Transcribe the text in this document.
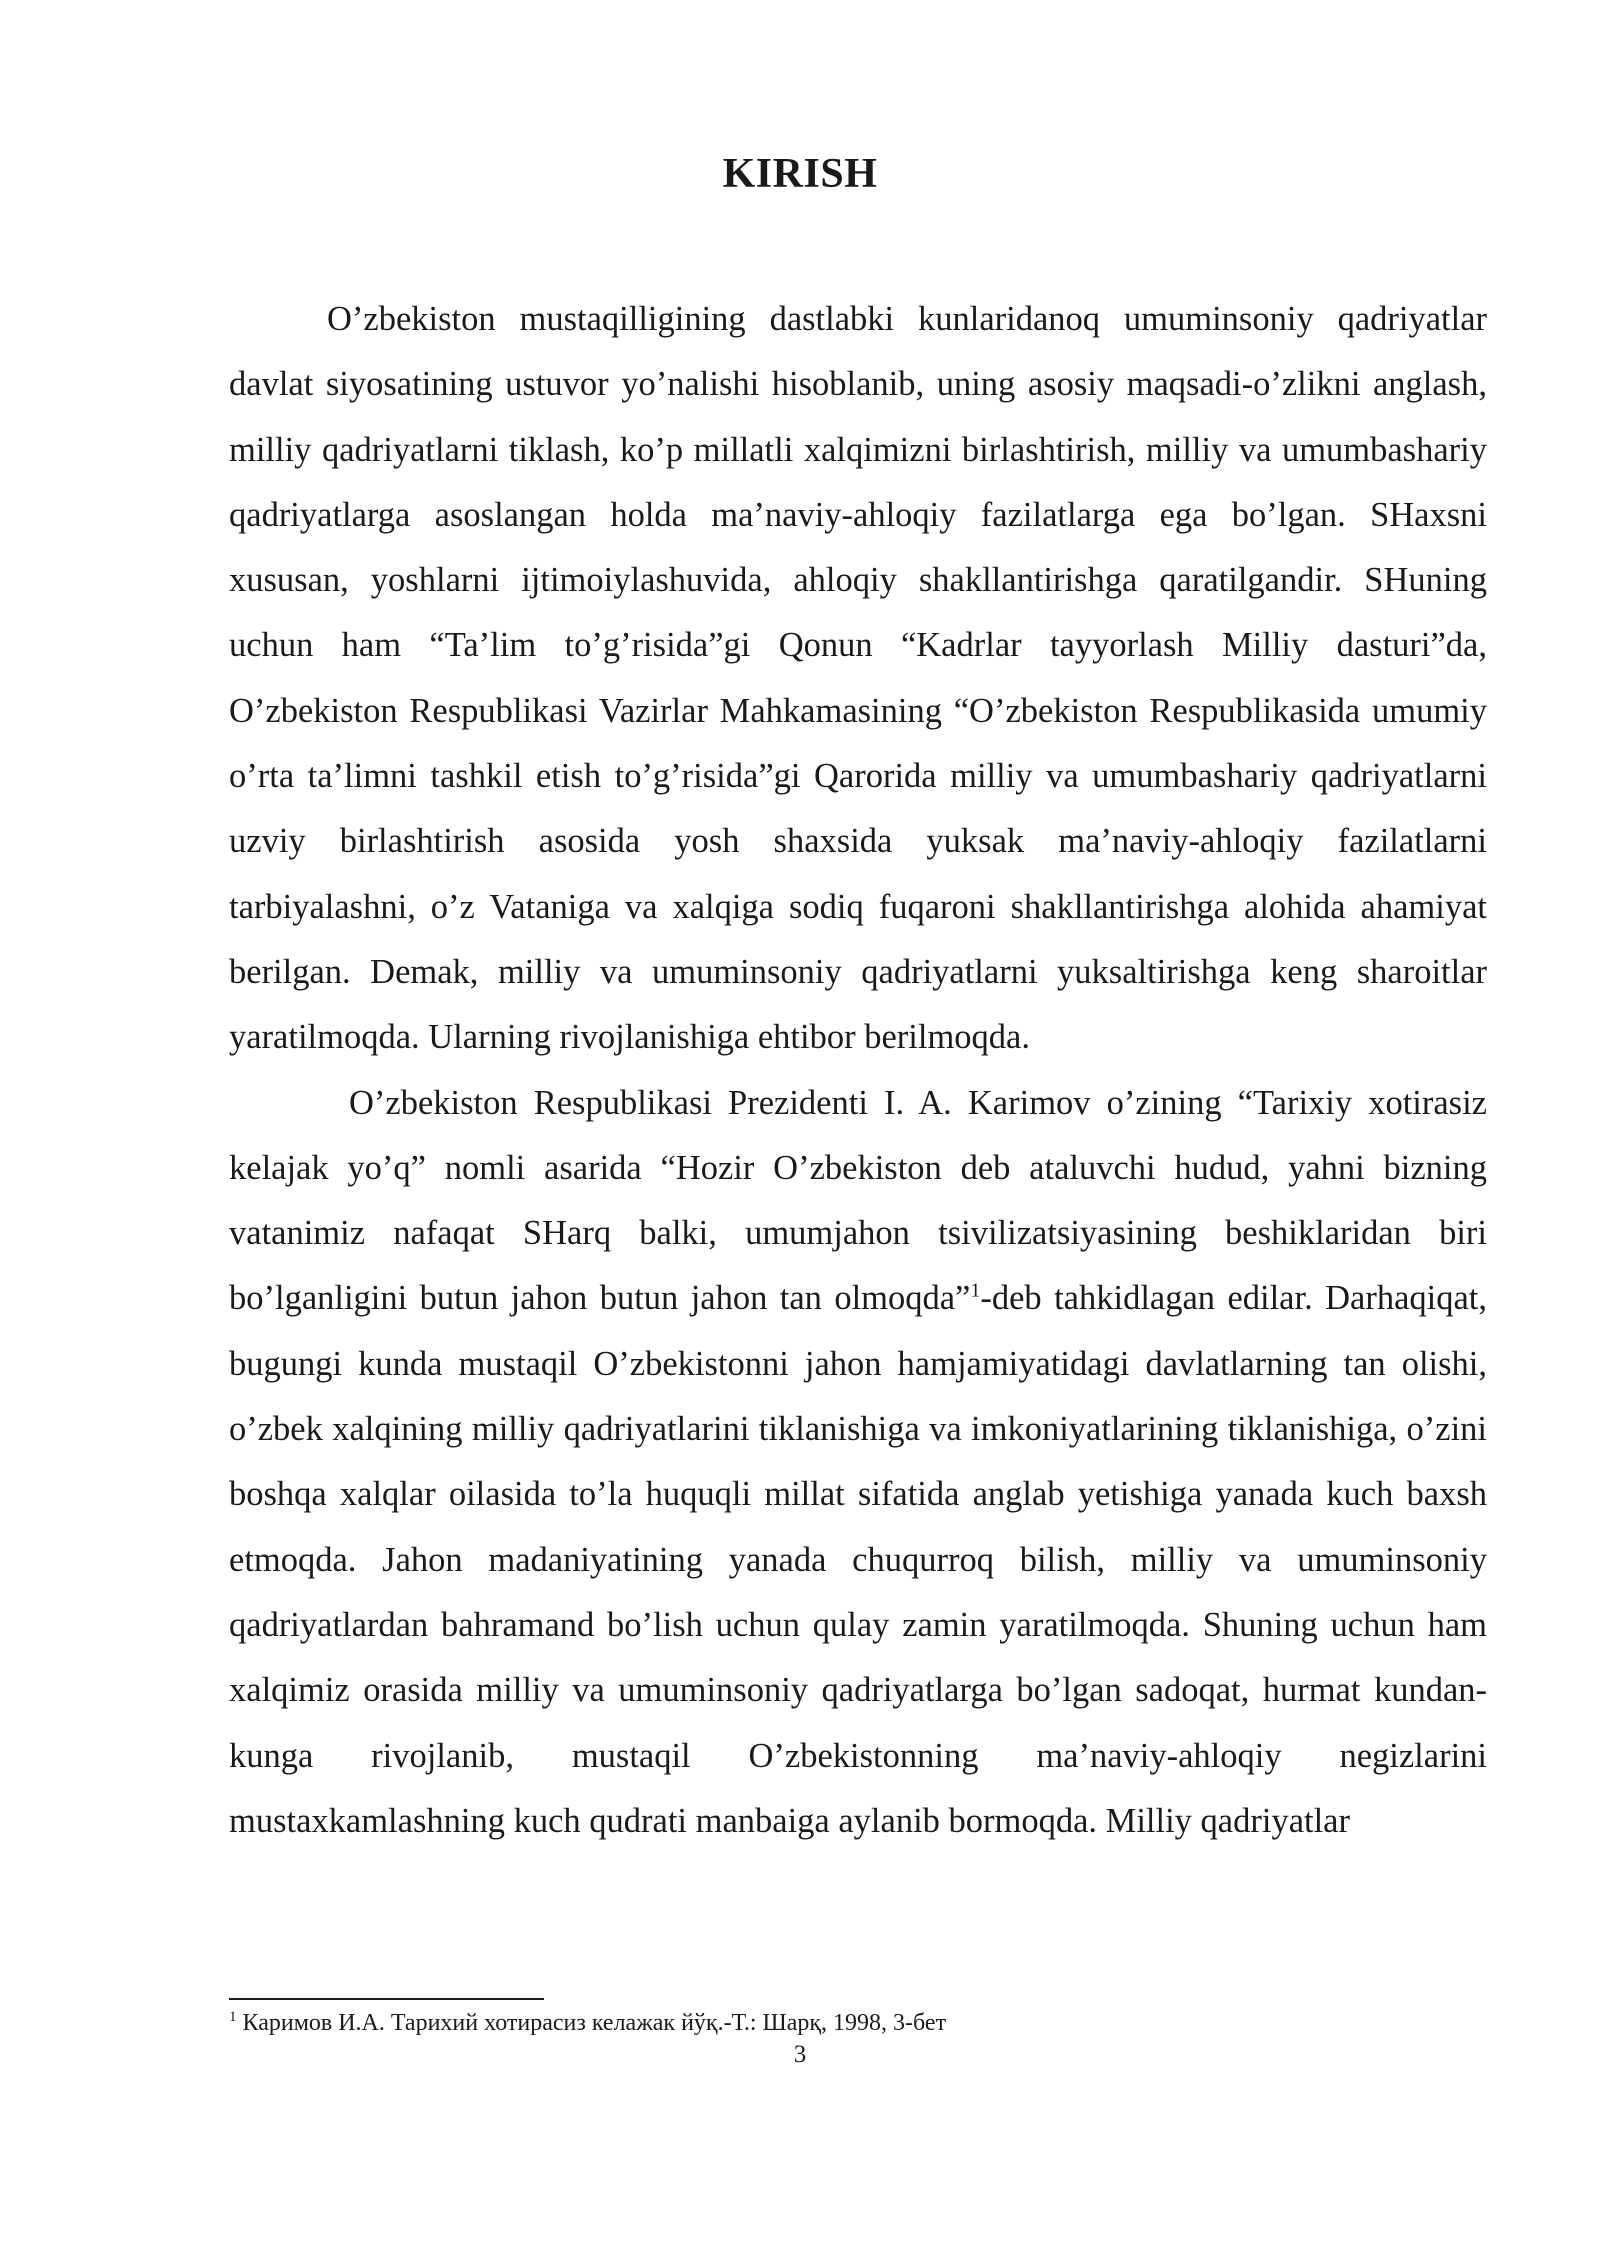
KIRISH

O’zbekiston mustaqilligining dastlabki kunlaridanoq umuminsoniy qadriyatlar davlat siyosatining ustuvor yo’nalishi hisoblanib, uning asosiy maqsadi-o’zlikni anglash, milliy qadriyatlarni tiklash, ko’p millatli xalqimizni birlashtirish, milliy va umumbashariy qadriyatlarga asoslangan holda ma’naviy-ahloqiy fazilatlarga ega bo’lgan. SHaxsni xususan, yoshlarni ijtimoiylashuvida, ahloqiy shakllantirishga qaratilgandir. SHuning uchun ham “Ta’lim to’g’risida”gi Qonun “Kadrlar tayyorlash Milliy dasturi”da, O’zbekiston Respublikasi Vazirlar Mahkamasining “O’zbekiston Respublikasida umumiy o’rta ta’limni tashkil etish to’g’risida”gi Qarorida milliy va umumbashariy qadriyatlarni uzviy birlashtirish asosida yosh shaxsida yuksak ma’naviy-ahloqiy fazilatlarni tarbiyalashni, o’z Vataniga va xalqiga sodiq fuqaroni shakllantirishga alohida ahamiyat berilgan. Demak, milliy va umuminsoniy qadriyatlarni yuksaltirishga keng sharoitlar yaratilmoqda. Ularning rivojlanishiga ehtibor berilmoqda.

O’zbekiston Respublikasi Prezidenti I. A. Karimov o’zining “Tarixiy xotirasiz kelajak yo’q” nomli asarida “Hozir O’zbekiston deb ataluvchi hudud, yahni bizning vatanimiz nafaqat SHarq balki, umumjahon tsivilizatsiyasining beshiklaridan biri bo’lganligini butun jahon butun jahon tan olmoqda”$^1$-deb tahkidlagan edilar. Darhaqiqat, bugungi kunda mustaqil O’zbekistonni jahon hamjamiyatidagi davlatlarning tan olishi, o’zbek xalqining milliy qadriyatlarini tiklanishiga va imkoniyatlarining tiklanishiga, o’zini boshqa xalqlar oilasida to’la huquqli millat sifatida anglab yetishiga yanada kuch baxsh etmoqda. Jahon madaniyatining yanada chuqurroq bilish, milliy va umuminsoniy qadriyatlardan bahramand bo’lish uchun qulay zamin yaratilmoqda. Shuning uchun ham xalqimiz orasida milliy va umuminsoniy qadriyatlarga bo’lgan sadoqat, hurmat kundan-kunga rivojlanib, mustaqil O’zbekistonning ma’naviy-ahloqiy negizlarini mustaxkamlashning kuch qudrati manbaiga aylanib bormoqda. Milliy qadriyatlar

$^1$ Каримов И.А. Тарихий хотирасиз келажак йўқ.-Т.: Шарқ, 1998, 3-бет
3
